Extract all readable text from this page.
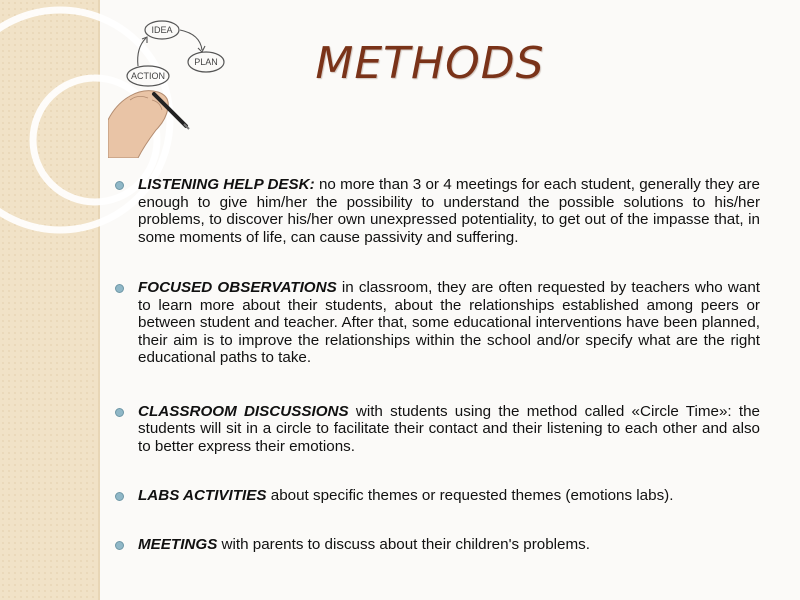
IDEA
PLAN
ACTION	METHODS
LISTENING HELP DESK: no more than 3 or 4 meetings for each student, generally they are enough to give him/her the possibility to understand the possible solutions to his/her problems, to discover his/her own unexpressed potentiality, to get out of the impasse that, in some moments of life, can cause passivity and suffering.
FOCUSED OBSERVATIONS in classroom, they are often requested by teachers who want to learn more about their students, about the relationships established among peers or between student and teacher. After that, some educational interventions have been planned, their aim is to improve the relationships within the school and/or specify what are the right educational paths to take.
CLASSROOM DISCUSSIONS with students using the method called «Circle Time»: the students will sit in a circle to facilitate their contact and their listening to each other and also to better express their emotions.
LABS ACTIVITIES about specific themes or requested themes (emotions labs).
MEETINGS with parents to discuss about their children's problems.
